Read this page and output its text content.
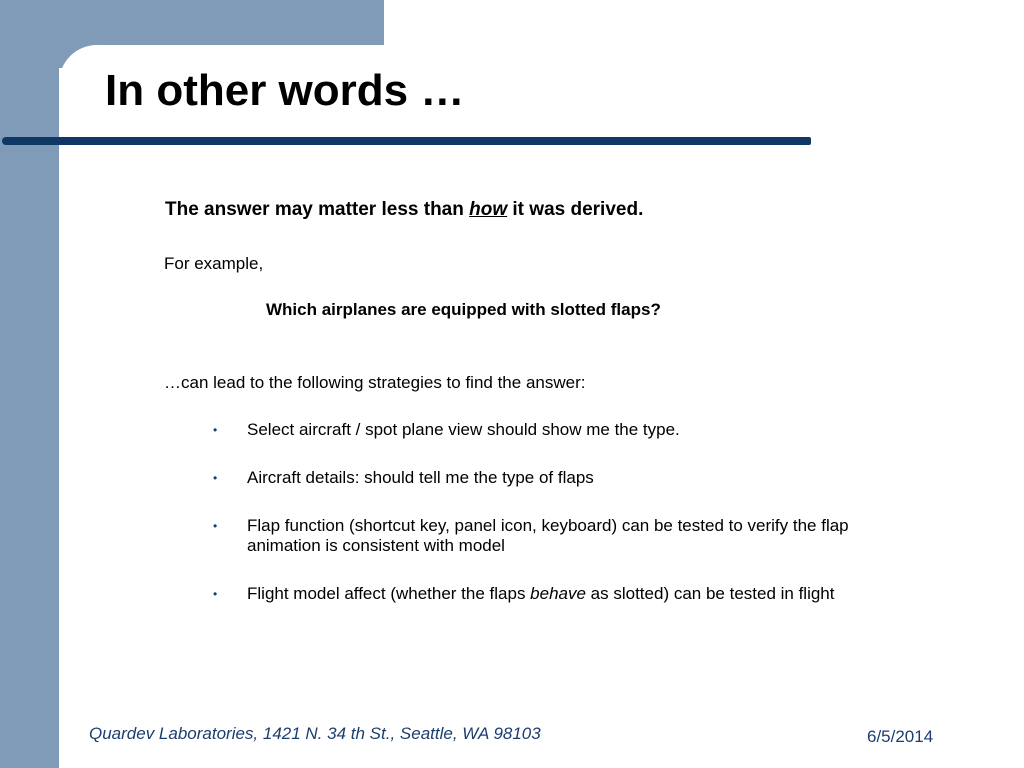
In other words …
The answer may matter less than how it was derived.
For example,
Which airplanes are equipped with slotted flaps?
…can lead to the following strategies to find the answer:
• Select aircraft / spot plane view should show me the type.
• Aircraft details: should tell me the type of flaps
• Flap function (shortcut key, panel icon, keyboard) can be tested to verify the flap animation is consistent with model
• Flight model affect (whether the flaps behave as slotted) can be tested in flight
Quardev Laboratories, 1421 N. 34 th St., Seattle, WA 98103	6/5/2014
